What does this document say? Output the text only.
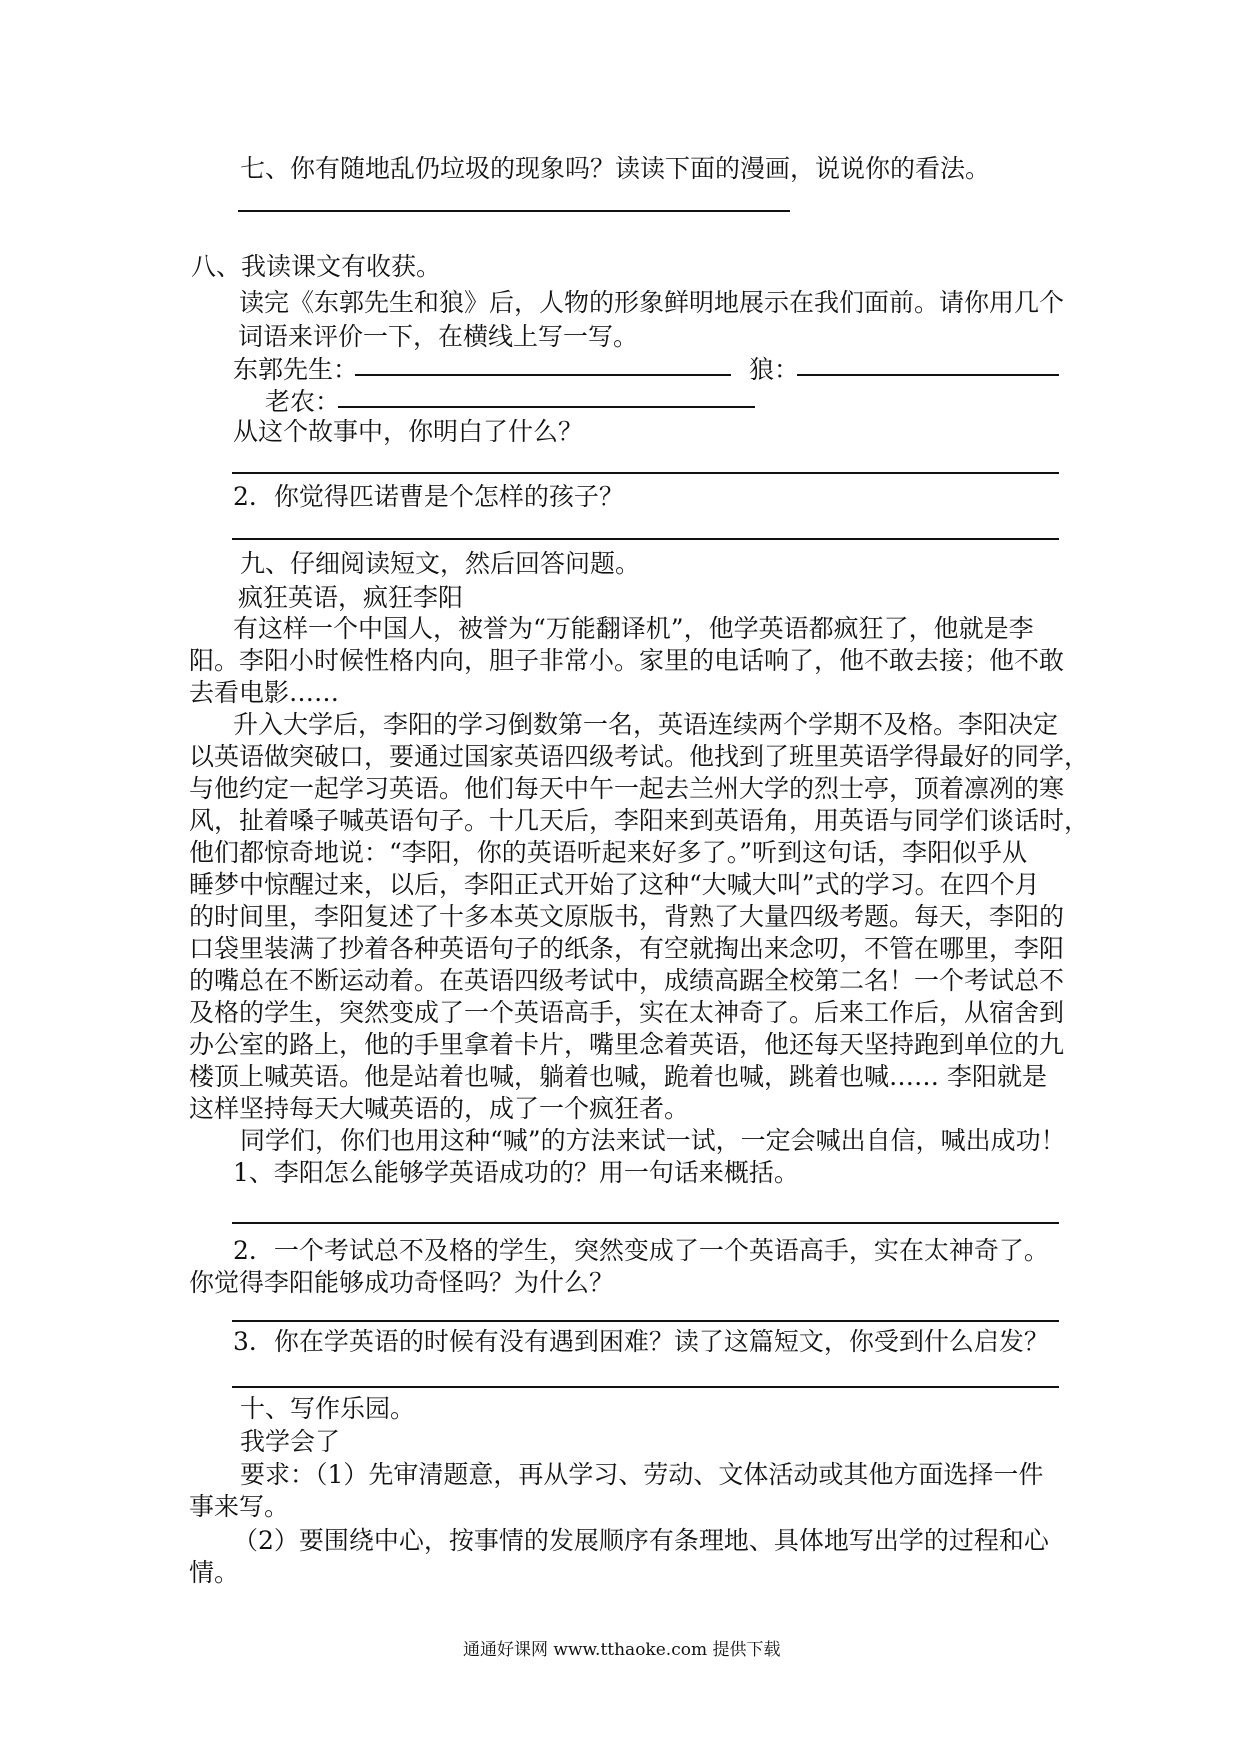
七、你有随地乱仍垃圾的现象吗？读读下面的漫画，说说你的看法。

八、我读课文有收获。

读完《东郭先生和狼》后，人物的形象鲜明地展示在我们面前。请你用几个

词语来评价一下，在横线上写一写。

东郭先生：	狼：

老农：

从这个故事中，你明白了什么？

2．你觉得匹诺曹是个怎样的孩子？

九、仔细阅读短文，然后回答问题。

疯狂英语，疯狂李阳

有这样一个中国人，被誉为“万能翻译机”，他学英语都疯狂了，他就是李

阳。李阳小时候性格内向，胆子非常小。家里的电话响了，他不敢去接；他不敢

去看电影……

升入大学后，李阳的学习倒数第一名，英语连续两个学期不及格。李阳决定

以英语做突破口，要通过国家英语四级考试。他找到了班里英语学得最好的同学，

与他约定一起学习英语。他们每天中午一起去兰州大学的烈士亭，顶着凛冽的寒

风，扯着嗓子喊英语句子。十几天后，李阳来到英语角，用英语与同学们谈话时，

他们都惊奇地说：“李阳，你的英语听起来好多了。”听到这句话，李阳似乎从

睡梦中惊醒过来，以后，李阳正式开始了这种“大喊大叫”式的学习。在四个月

的时间里，李阳复述了十多本英文原版书，背熟了大量四级考题。每天，李阳的

口袋里装满了抄着各种英语句子的纸条，有空就掏出来念叨，不管在哪里，李阳

的嘴总在不断运动着。在英语四级考试中，成绩高踞全校第二名！一个考试总不

及格的学生，突然变成了一个英语高手，实在太神奇了。后来工作后，从宿舍到

办公室的路上，他的手里拿着卡片，嘴里念着英语，他还每天坚持跑到单位的九

楼顶上喊英语。他是站着也喊，躺着也喊，跪着也喊，跳着也喊…… 李阳就是

这样坚持每天大喊英语的，成了一个疯狂者。

同学们，你们也用这种“喊”的方法来试一试，一定会喊出自信，喊出成功！

1、李阳怎么能够学英语成功的？用一句话来概括。

2．一个考试总不及格的学生，突然变成了一个英语高手，实在太神奇了。

你觉得李阳能够成功奇怪吗？为什么？

3．你在学英语的时候有没有遇到困难？读了这篇短文，你受到什么启发？

十、写作乐园。

我学会了

要求：（1）先审清题意，再从学习、劳动、文体活动或其他方面选择一件

事来写。

（2）要围绕中心，按事情的发展顺序有条理地、具体地写出学的过程和心

情。

通通好课网 www.tthaoke.com 提供下载
